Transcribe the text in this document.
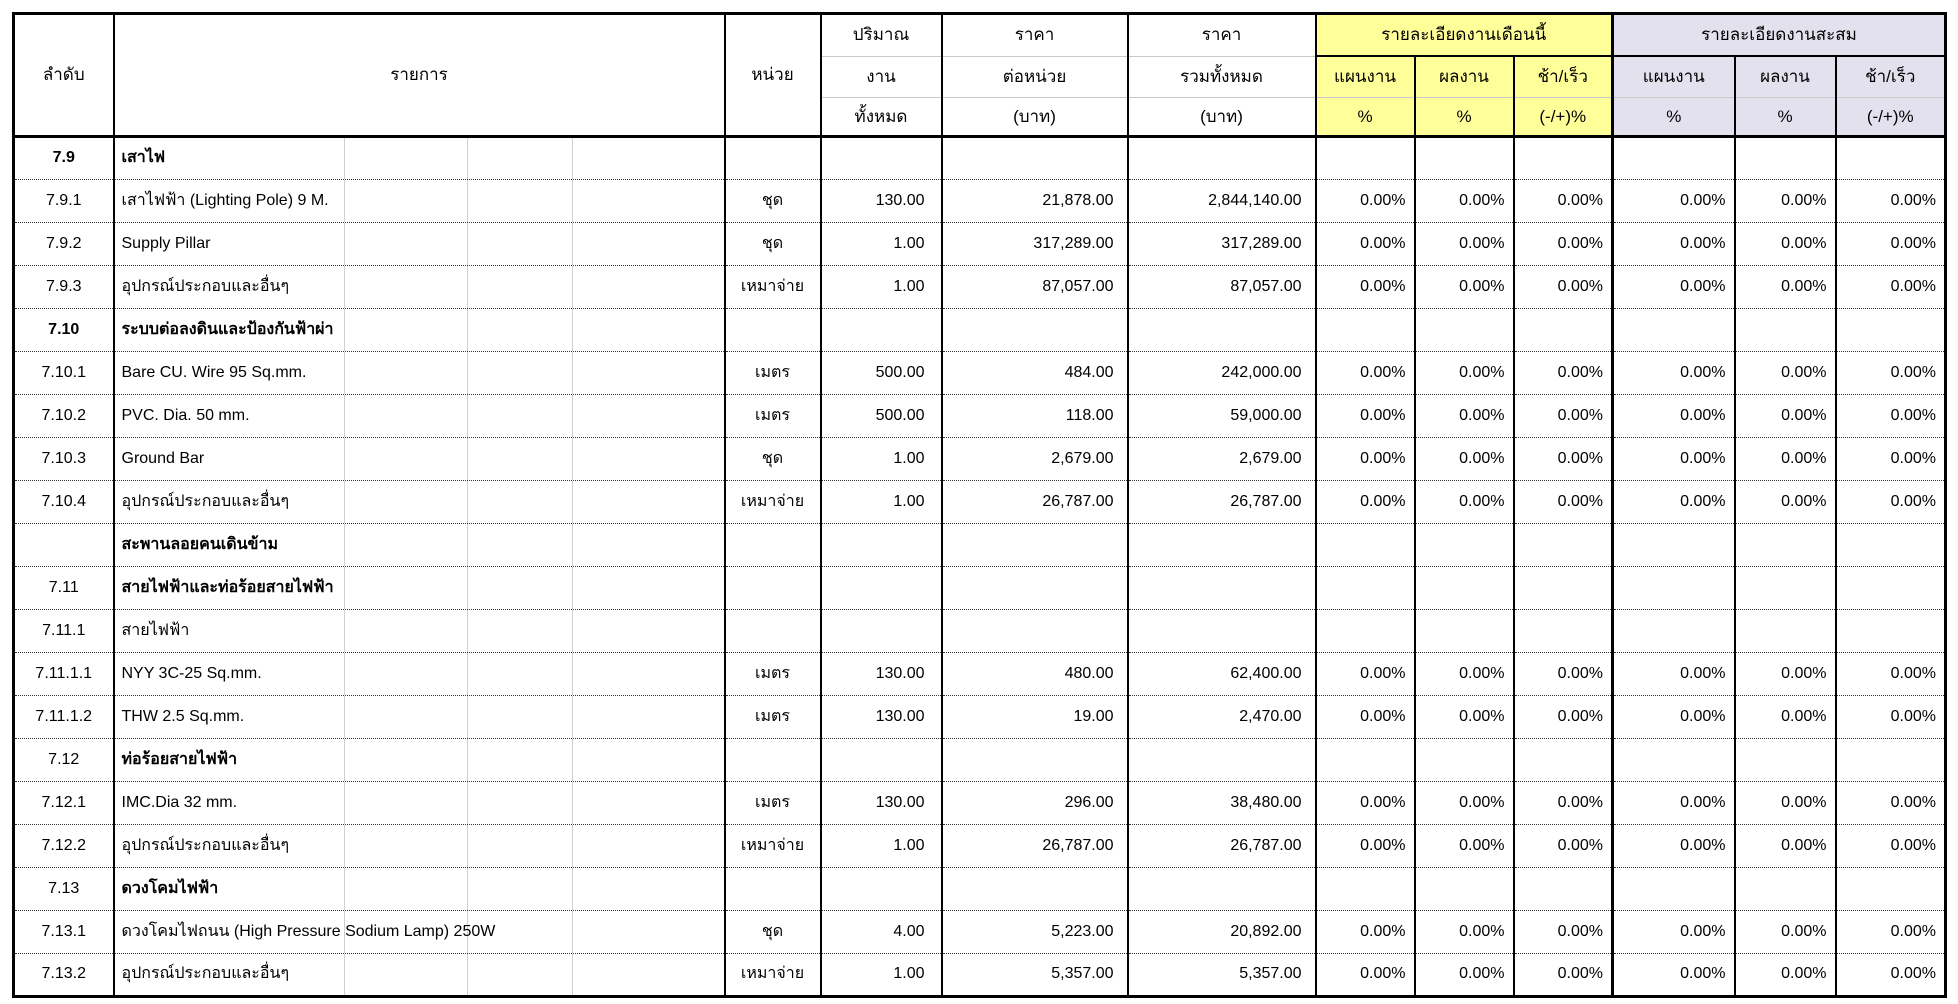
ลำดับ	รายการ	หน่วย	ปริมาณ	ราคา	ราคา	รายละเอียดงานเดือนนี้			รายละเอียดงานสะสม		
			งาน	ต่อหน่วย	รวมทั้งหมด	แผนงาน	ผลงาน	ช้า/เร็ว	แผนงาน	ผลงาน	ช้า/เร็ว
			ทั้งหมด	(บาท)	(บาท)	%	%	(-/+)%	%	%	(-/+)%
7.9	เสาไฟ										
7.9.1	เสาไฟฟ้า (Lighting Pole) 9 M.	ชุด	130.00	21,878.00	2,844,140.00	0.00%	0.00%	0.00%	0.00%	0.00%	0.00%
7.9.2	Supply Pillar	ชุด	1.00	317,289.00	317,289.00	0.00%	0.00%	0.00%	0.00%	0.00%	0.00%
7.9.3	อุปกรณ์ประกอบและอื่นๆ	เหมาจ่าย	1.00	87,057.00	87,057.00	0.00%	0.00%	0.00%	0.00%	0.00%	0.00%
7.10	ระบบต่อลงดินและป้องกันฟ้าผ่า										
7.10.1	Bare CU. Wire 95 Sq.mm.	เมตร	500.00	484.00	242,000.00	0.00%	0.00%	0.00%	0.00%	0.00%	0.00%
7.10.2	PVC. Dia. 50 mm.	เมตร	500.00	118.00	59,000.00	0.00%	0.00%	0.00%	0.00%	0.00%	0.00%
7.10.3	Ground Bar	ชุด	1.00	2,679.00	2,679.00	0.00%	0.00%	0.00%	0.00%	0.00%	0.00%
7.10.4	อุปกรณ์ประกอบและอื่นๆ	เหมาจ่าย	1.00	26,787.00	26,787.00	0.00%	0.00%	0.00%	0.00%	0.00%	0.00%
	สะพานลอยคนเดินข้าม										
7.11	สายไฟฟ้าและท่อร้อยสายไฟฟ้า										
7.11.1	สายไฟฟ้า										
7.11.1.1	NYY 3C-25 Sq.mm.	เมตร	130.00	480.00	62,400.00	0.00%	0.00%	0.00%	0.00%	0.00%	0.00%
7.11.1.2	THW 2.5 Sq.mm.	เมตร	130.00	19.00	2,470.00	0.00%	0.00%	0.00%	0.00%	0.00%	0.00%
7.12	ท่อร้อยสายไฟฟ้า										
7.12.1	IMC.Dia 32 mm.	เมตร	130.00	296.00	38,480.00	0.00%	0.00%	0.00%	0.00%	0.00%	0.00%
7.12.2	อุปกรณ์ประกอบและอื่นๆ	เหมาจ่าย	1.00	26,787.00	26,787.00	0.00%	0.00%	0.00%	0.00%	0.00%	0.00%
7.13	ดวงโคมไฟฟ้า										
7.13.1	ดวงโคมไฟถนน (High Pressure Sodium Lamp) 250W	ชุด	4.00	5,223.00	20,892.00	0.00%	0.00%	0.00%	0.00%	0.00%	0.00%
7.13.2	อุปกรณ์ประกอบและอื่นๆ	เหมาจ่าย	1.00	5,357.00	5,357.00	0.00%	0.00%	0.00%	0.00%	0.00%	0.00%
